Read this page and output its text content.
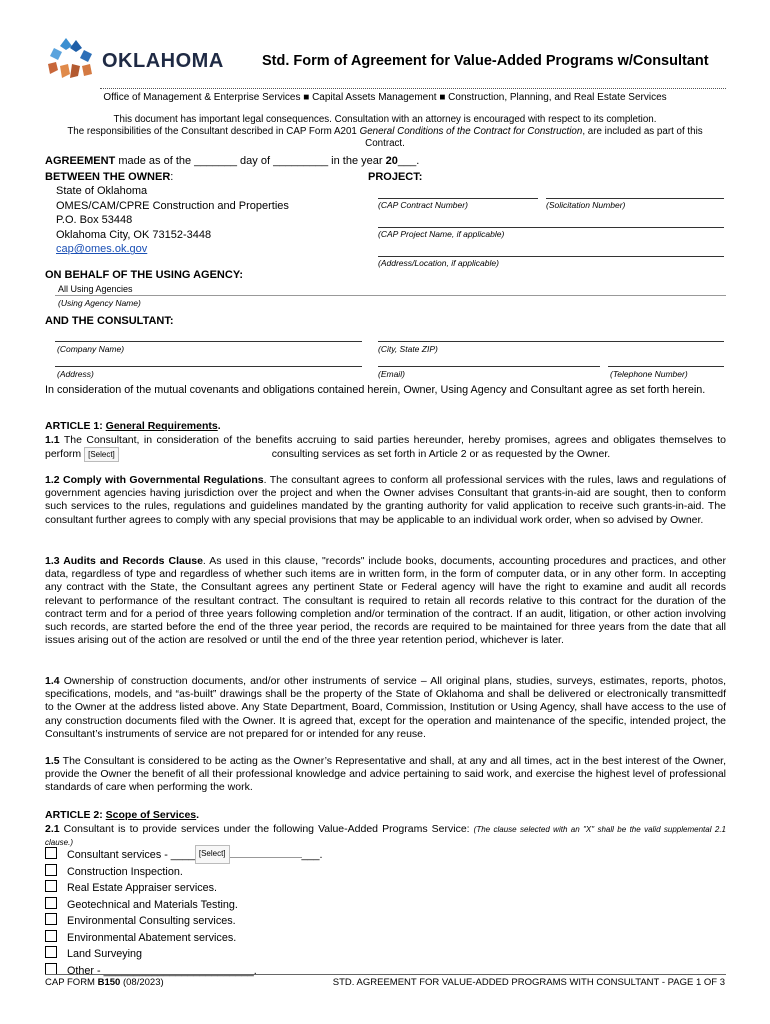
OKLAHOMA	Std. Form of Agreement for Value-Added Programs w/Consultant
Office of Management & Enterprise Services ■ Capital Assets Management ■ Construction, Planning, and Real Estate Services
This document has important legal consequences. Consultation with an attorney is encouraged with respect to its completion.
The responsibilities of the Consultant described in CAP Form A201 General Conditions of the Contract for Construction, are included as part of this Contract.
AGREEMENT made as of the _______ day of _________ in the year 20___.
BETWEEN THE OWNER:
State of Oklahoma
OMES/CAM/CPRE Construction and Properties
P.O. Box 53448
Oklahoma City, OK 73152-3448
cap@omes.ok.gov
PROJECT:
(CAP Contract Number)	(Solicitation Number)
(CAP Project Name, if applicable)
(Address/Location, if applicable)
ON BEHALF OF THE USING AGENCY:
All Using Agencies
(Using Agency Name)
AND THE CONSULTANT:
(Company Name)	(City, State ZIP)
(Address)	(Email)	(Telephone Number)
In consideration of the mutual covenants and obligations contained herein, Owner, Using Agency and Consultant agree as set forth herein.
ARTICLE 1: General Requirements.
1.1 The Consultant, in consideration of the benefits accruing to said parties hereunder, hereby promises, agrees and obligates themselves to perform [Select]	consulting services as set forth in Article 2 or as requested by the Owner.
1.2 Comply with Governmental Regulations. The consultant agrees to conform all professional services with the rules, laws and regulations of government agencies having jurisdiction over the project and when the Owner advises Consultant that grants-in-aid are sought, then to conform such services to the rules, regulations and guidelines mandated by the granting authority for valid application to receive such grants-in-aid. The consultant further agrees to comply with any special provisions that may be applicable to an individual work order, when so advised by Owner.
1.3 Audits and Records Clause. As used in this clause, "records" include books, documents, accounting procedures and practices, and other data, regardless of type and regardless of whether such items are in written form, in the form of computer data, or in any other form. In accepting any contract with the State, the Consultant agrees any pertinent State or Federal agency will have the right to examine and audit all records relevant to performance of the resultant contract. The consultant is required to retain all records relative to this contract for the duration of the contract term and for a period of three years following completion and/or termination of the contract. If an audit, litigation, or other action involving such records, are started before the end of the three year period, the records are required to be maintained for three years from the date that all issues arising out of the action are resolved or until the end of the three year retention period, whichever is later.
1.4 Ownership of construction documents, and/or other instruments of service – All original plans, studies, surveys, estimates, reports, photos, specifications, models, and “as-built” drawings shall be the property of the State of Oklahoma and shall be delivered or electronically transmittedf to the Owner at the address listed above. Any State Department, Board, Commission, Institution or Using Agency, shall have access to the use of any construction documents filed with the Owner. It is agreed that, except for the operation and maintenance of the specific, intended project, the Consultant’s instruments of service are not prepared for or intended for any reuse.
1.5 The Consultant is considered to be acting as the Owner’s Representative and shall, at any and all times, act in the best interest of the Owner, provide the Owner the benefit of all their professional knowledge and advice pertaining to said work, and exercise the highest level of professional standards of care when performing the work.
ARTICLE 2: Scope of Services.
2.1 Consultant is to provide services under the following Value-Added Programs Service: (The clause selected with an "X" shall be the valid supplemental 2.1 clause.)
Consultant services - ____ [Select]	___.
Construction Inspection.
Real Estate Appraiser services.
Geotechnical and Materials Testing.
Environmental Consulting services.
Environmental Abatement services.
Land Surveying
Other - _________________________.
CAP FORM B150 (08/2023)	STD. AGREEMENT FOR VALUE-ADDED PROGRAMS WITH CONSULTANT - PAGE 1 OF 3
